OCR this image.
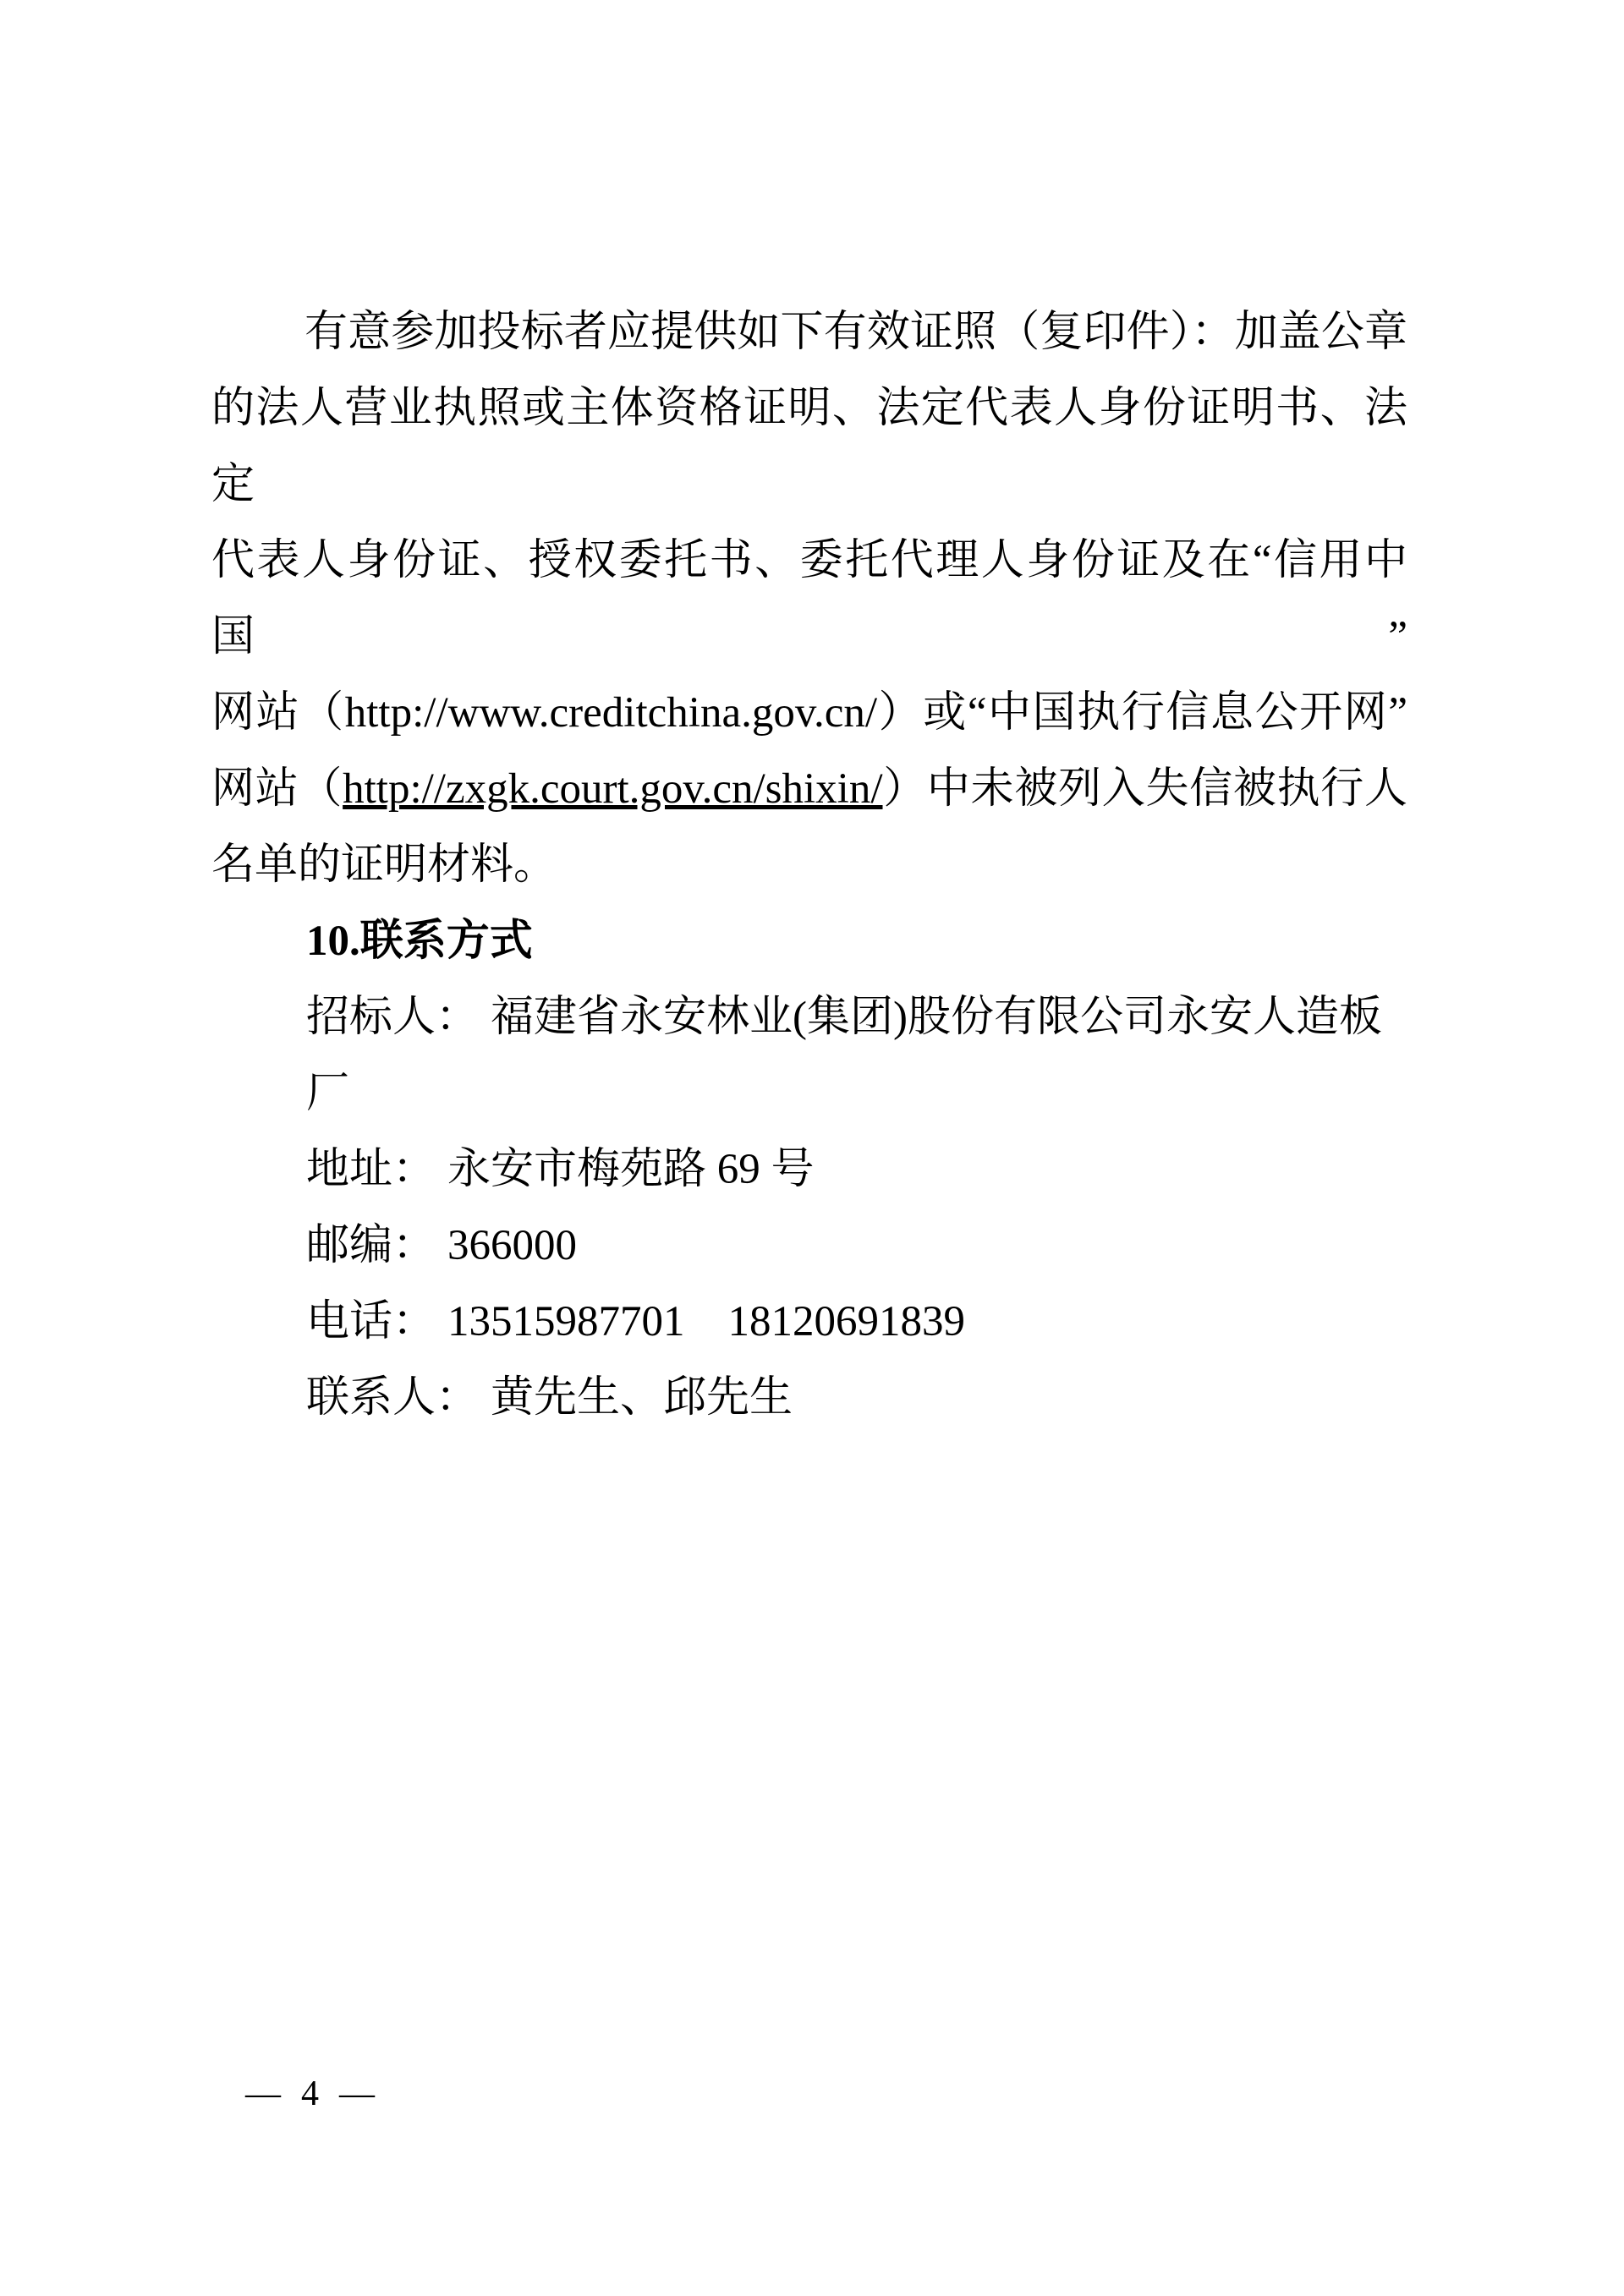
有意参加投标者应提供如下有效证照（复印件）：加盖公章

的法人营业执照或主体资格证明、法定代表人身份证明书、法定

代表人身份证、授权委托书、委托代理人身份证及在“信用中国”

网站（http://www.creditchina.gov.cn/）或“中国执行信息公开网”

网站（http://zxgk.court.gov.cn/shixin/）中未被列入失信被执行人

名单的证明材料。

10.联系方式

招标人： 福建省永安林业(集团)股份有限公司永安人造板厂

地址： 永安市梅苑路 69 号

邮编： 366000

电话： 13515987701　18120691839

联系人： 黄先生、邱先生

— 4 —
